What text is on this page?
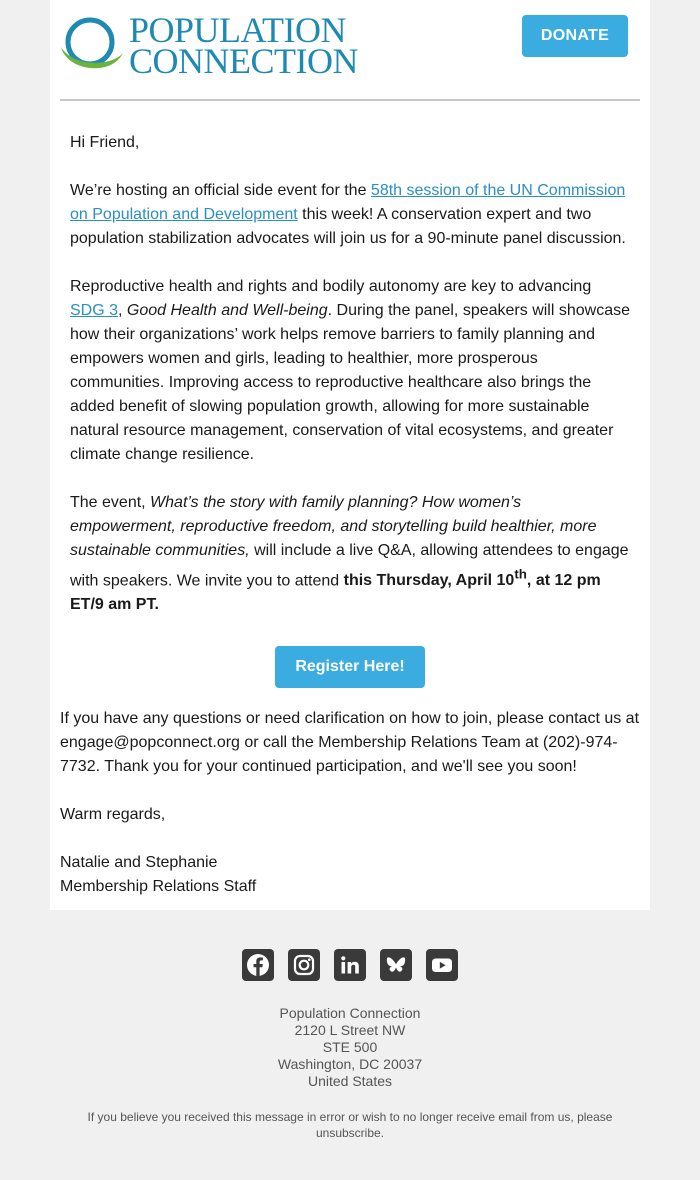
POPULATION
CONNECTION
DONATE

Hi Friend,

We’re hosting an official side event for the 58th session of the UN Commission on Population and Development this week! A conservation expert and two population stabilization advocates will join us for a 90-minute panel discussion.

Reproductive health and rights and bodily autonomy are key to advancing SDG 3, Good Health and Well-being. During the panel, speakers will showcase how their organizations’ work helps remove barriers to family planning and empowers women and girls, leading to healthier, more prosperous communities. Improving access to reproductive healthcare also brings the added benefit of slowing population growth, allowing for more sustainable natural resource management, conservation of vital ecosystems, and greater climate change resilience.

The event, What’s the story with family planning? How women’s empowerment, reproductive freedom, and storytelling build healthier, more sustainable communities, will include a live Q&A, allowing attendees to engage with speakers. We invite you to attend this Thursday, April 10th, at 12 pm ET/9 am PT.

Register Here!

If you have any questions or need clarification on how to join, please contact us at engage@popconnect.org or call the Membership Relations Team at (202)-974-7732. Thank you for your continued participation, and we'll see you soon!

Warm regards,

Natalie and Stephanie
Membership Relations Staff

Population Connection
2120 L Street NW
STE 500
Washington, DC 20037
United States
If you believe you received this message in error or wish to no longer receive email from us, please unsubscribe.
